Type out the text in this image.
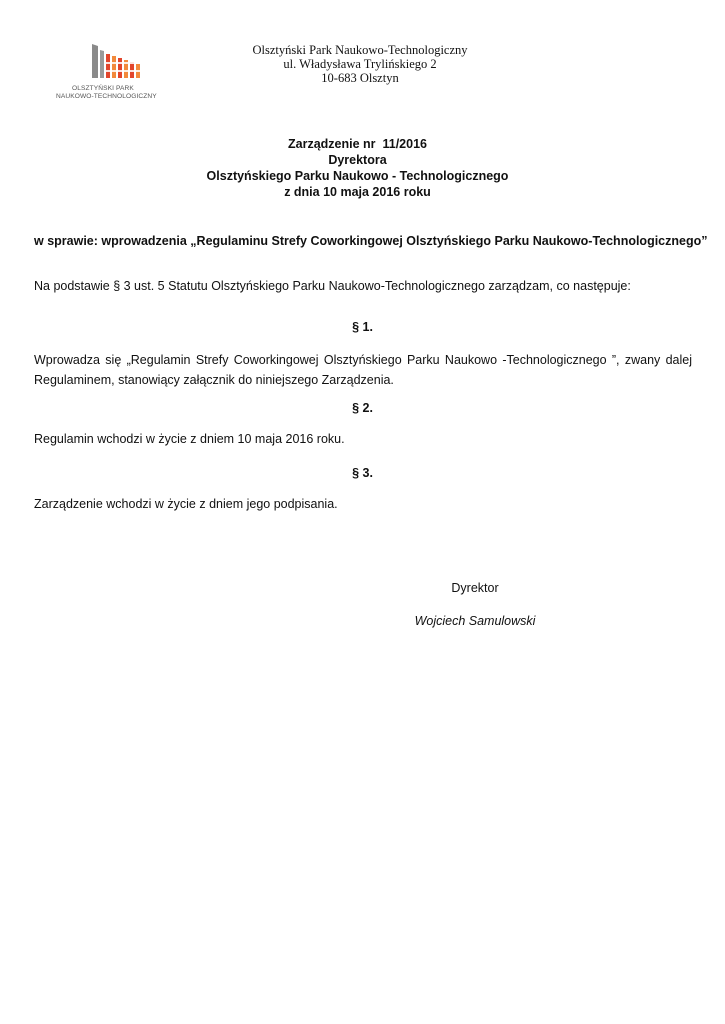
OLSZTYŃSKI PARK
NAUKOWO-TECHNOLOGICZNY
Olsztyński Park Naukowo-Technologiczny
ul. Władysława Trylińskiego 2
10-683 Olsztyn
Zarządzenie nr  11/2016
Dyrektora
Olsztyńskiego Parku Naukowo - Technologicznego
z dnia 10 maja 2016 roku
w sprawie: wprowadzenia „Regulaminu Strefy Coworkingowej Olsztyńskiego Parku Naukowo-Technologicznego”
Na podstawie § 3 ust. 5 Statutu Olsztyńskiego Parku Naukowo-Technologicznego zarządzam, co następuje:
§ 1.
Wprowadza się „Regulamin Strefy Coworkingowej Olsztyńskiego Parku Naukowo -Technologicznego ”, zwany dalej Regulaminem, stanowiący załącznik do niniejszego Zarządzenia.
§ 2.
Regulamin wchodzi w życie z dniem 10 maja 2016 roku.
§ 3.
Zarządzenie wchodzi w życie z dniem jego podpisania.
Dyrektor
Wojciech Samulowski
